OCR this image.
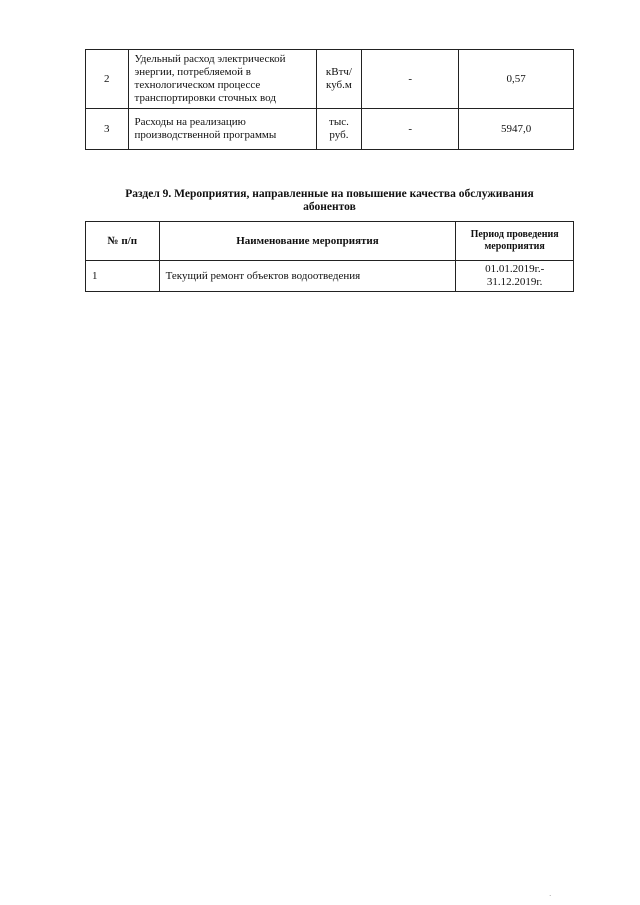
2	Удельный расход электрической
энергии, потребляемой в
технологическом процессе
транспортировки сточных вод	кВтч/
куб.м	-	0,57
3	Расходы на реализацию
производственной программы	тыс.
руб.	-	5947,0
Раздел 9. Мероприятия, направленные на повышение качества обслуживания
абонентов
№ п/п	Наименование мероприятия	Период проведения
мероприятия

1	Текущий ремонт объектов водоотведения	01.01.2019г.-
31.12.2019г.
·
